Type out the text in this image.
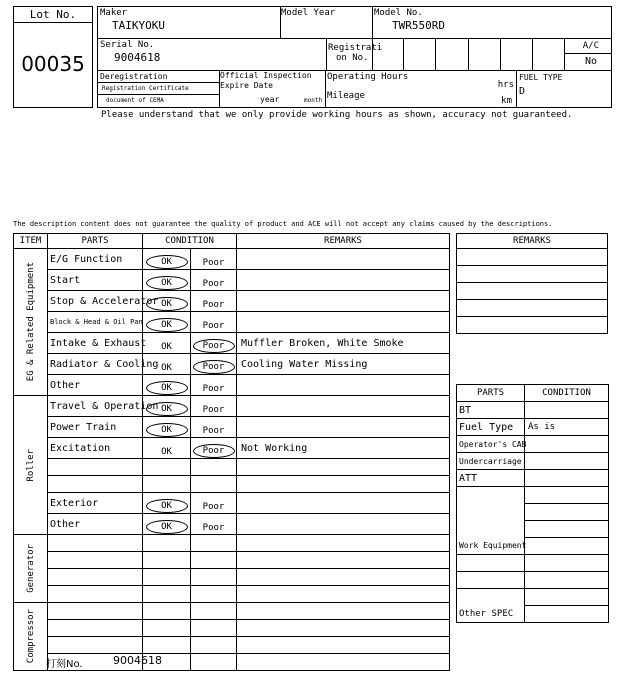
Lot No.
00035
Maker
TAIKYOKU
Model Year	Model No.
TWR550RD
Serial No.
9004618
Registrati
on No.
A/C
No
Deregistration
Registration Certificate
document of CEMA
Official Inspection
Expire Date
year	month
Operating Hours
hrs
Mileage	km
FUEL TYPE
D
Please understand that we only provide working hours as shown, accuracy not guaranteed.
The description content does not guarantee the quality of product and ACE will not accept any claims caused by the descriptions.
ITEM	PARTS	CONDITION		REMARKS

EG & Related Equipment	E/G Function	OK	Poor	
	Start	OK	Poor	
	Stop & Accelerator	OK	Poor	
	Block & Head & Oil Pan	OK	Poor	
	Intake & Exhaust	OK	Poor	Muffler Broken, White Smoke
	Radiator & Cooling	OK	Poor	Cooling Water Missing
	Other	OK	Poor	

Roller	Travel & Operation	OK	Poor	
	Power Train	OK	Poor	
	Excitation	OK	Poor	Not Working

	Exterior	OK	Poor	
	Other	OK	Poor	

Generator				

Compressor				

REMARKS

PARTS	CONDITION
BT	
Fuel Type	As is
Operator's CAB	
Undercarriage	
ATT	

Work Equipment	

Other SPEC	
打刻No.	9004618
